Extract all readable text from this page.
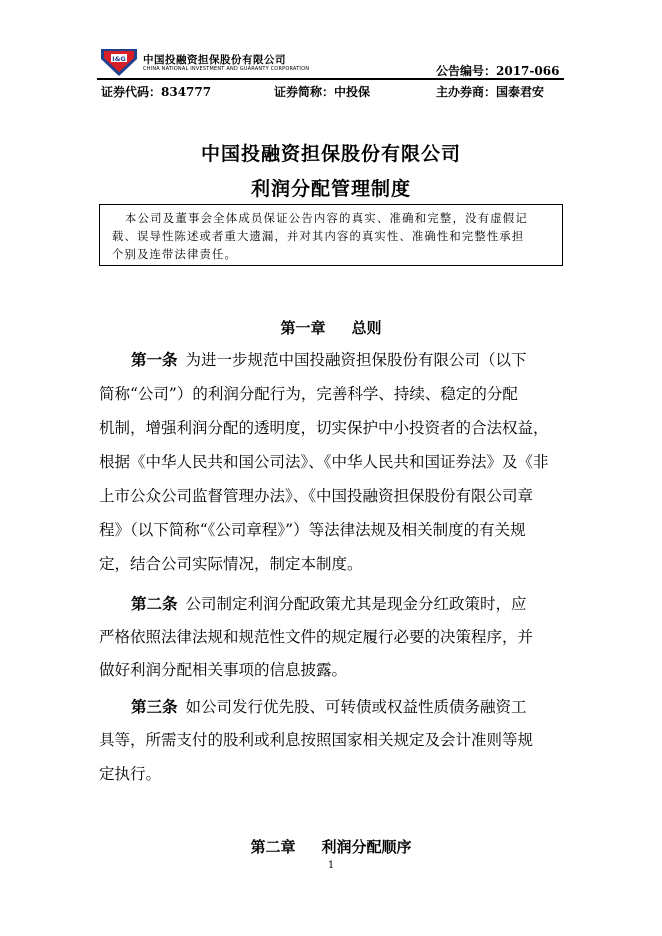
I&G 中国投融资担保股份有限公司
CHINA NATIONAL INVESTMENT AND GUARANTY CORPORATION	公告编号：2017-066
证券代码：834777	证券简称：中投保	主办券商：国泰君安
中国投融资担保股份有限公司
利润分配管理制度
本公司及董事会全体成员保证公告内容的真实、准确和完整，没有虚假记
载、误导性陈述或者重大遗漏，并对其内容的真实性、准确性和完整性承担
个别及连带法律责任。
第一章 总则
第一条 为进一步规范中国投融资担保股份有限公司（以下
简称“公司”）的利润分配行为，完善科学、持续、稳定的分配
机制，增强利润分配的透明度，切实保护中小投资者的合法权益，
根据《中华人民共和国公司法》、《中华人民共和国证券法》及《非
上市公众公司监督管理办法》、《中国投融资担保股份有限公司章
程》（以下简称“《公司章程》”）等法律法规及相关制度的有关规
定，结合公司实际情况，制定本制度。
第二条 公司制定利润分配政策尤其是现金分红政策时，应
严格依照法律法规和规范性文件的规定履行必要的决策程序，并
做好利润分配相关事项的信息披露。
第三条 如公司发行优先股、可转债或权益性质债务融资工
具等，所需支付的股利或利息按照国家相关规定及会计准则等规
定执行。
第二章 利润分配顺序
1
